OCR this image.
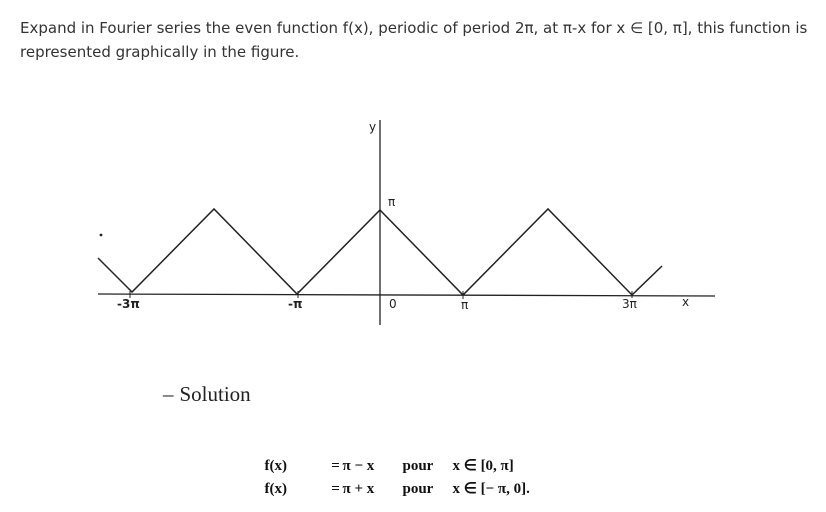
Expand in Fourier series the even function f(x), periodic of period 2π, at π-x for x ∈ [0, π], this function is represented graphically in the figure.

y
π
-3π	-π	0	π	3π	x
– Solution

f(x)	= π − x pour x ∈ [0, π]

f(x)	= π + x pour x ∈ [− π, 0].
